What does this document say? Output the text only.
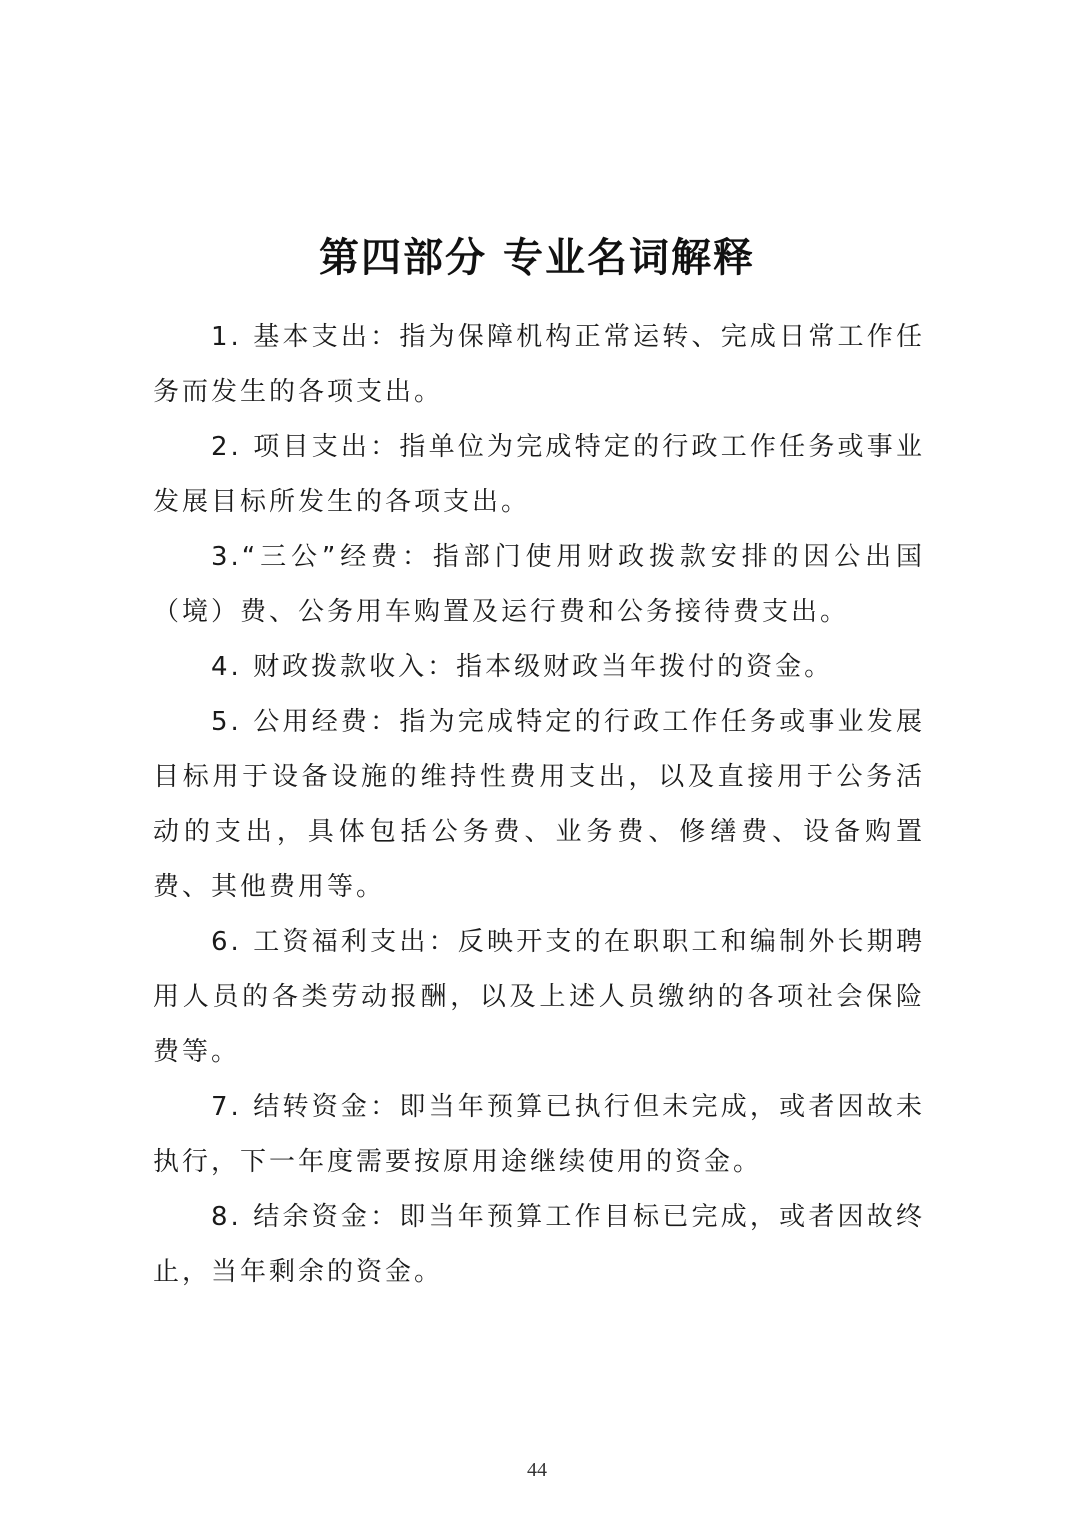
第四部分 专业名词解释

1. 基本支出：指为保障机构正常运转、完成日常工作任务而发生的各项支出。

2. 项目支出：指单位为完成特定的行政工作任务或事业发展目标所发生的各项支出。

3.“三公”经费：指部门使用财政拨款安排的因公出国（境）费、公务用车购置及运行费和公务接待费支出。

4. 财政拨款收入：指本级财政当年拨付的资金。

5. 公用经费：指为完成特定的行政工作任务或事业发展目标用于设备设施的维持性费用支出，以及直接用于公务活动的支出，具体包括公务费、业务费、修缮费、设备购置费、其他费用等。

6. 工资福利支出：反映开支的在职职工和编制外长期聘用人员的各类劳动报酬，以及上述人员缴纳的各项社会保险费等。

7. 结转资金：即当年预算已执行但未完成，或者因故未执行，下一年度需要按原用途继续使用的资金。

8. 结余资金：即当年预算工作目标已完成，或者因故终止，当年剩余的资金。

44
